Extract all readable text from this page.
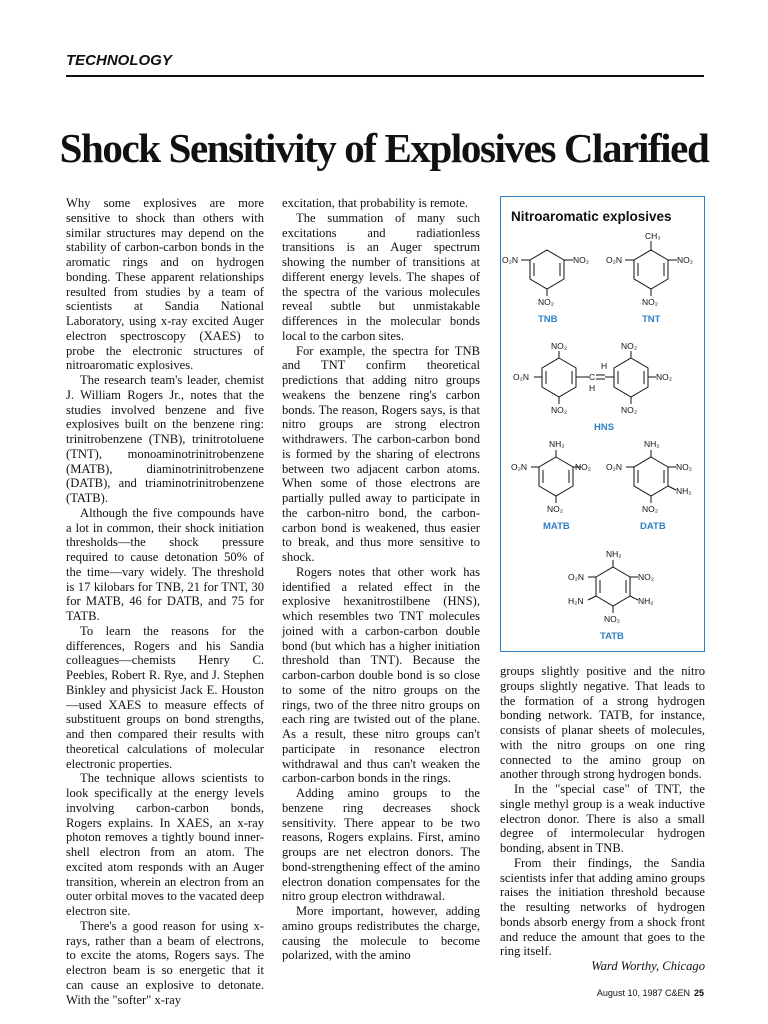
TECHNOLOGY
Shock Sensitivity of Explosives Clarified

Why some explosives are more sensitive to shock than others with similar structures may depend on the stability of carbon-carbon bonds in the aromatic rings and on hydrogen bonding. These apparent relationships resulted from studies by a team of scientists at Sandia National Laboratory, using x-ray excited Auger electron spectroscopy (XAES) to probe the electronic structures of nitroaromatic explosives.

The research team's leader, chemist J. William Rogers Jr., notes that the studies involved benzene and five explosives built on the benzene ring: trinitrobenzene (TNB), trinitrotoluene (TNT), monoaminotrinitrobenzene (MATB), diaminotrinitrobenzene (DATB), and triaminotrinitrobenzene (TATB).

Although the five compounds have a lot in common, their shock initiation thresholds—the shock pressure required to cause detonation 50% of the time—vary widely. The threshold is 17 kilobars for TNB, 21 for TNT, 30 for MATB, 46 for DATB, and 75 for TATB.

To learn the reasons for the differences, Rogers and his Sandia colleagues—chemists Henry C. Peebles, Robert R. Rye, and J. Stephen Binkley and physicist Jack E. Houston—used XAES to measure effects of substituent groups on bond strengths, and then compared their results with theoretical calculations of molecular electronic properties.

The technique allows scientists to look specifically at the energy levels involving carbon-carbon bonds, Rogers explains. In XAES, an x-ray photon removes a tightly bound inner-shell electron from an atom. The excited atom responds with an Auger transition, wherein an electron from an outer orbital moves to the vacated deep electron site.

There's a good reason for using x-rays, rather than a beam of electrons, to excite the atoms, Rogers says. The electron beam is so energetic that it can cause an explosive to detonate. With the "softer" x-ray

excitation, that probability is remote.

The summation of many such excitations and radiationless transitions is an Auger spectrum showing the number of transitions at different energy levels. The shapes of the spectra of the various molecules reveal subtle but unmistakable differences in the molecular bonds local to the carbon sites.

For example, the spectra for TNB and TNT confirm theoretical predictions that adding nitro groups weakens the benzene ring's carbon bonds. The reason, Rogers says, is that nitro groups are strong electron withdrawers. The carbon-carbon bond is formed by the sharing of electrons between two adjacent carbon atoms. When some of those electrons are partially pulled away to participate in the carbon-nitro bond, the carbon-carbon bond is weakened, thus easier to break, and thus more sensitive to shock.

Rogers notes that other work has identified a related effect in the explosive hexanitrostilbene (HNS), which resembles two TNT molecules joined with a carbon-carbon double bond (but which has a higher initiation threshold than TNT). Because the carbon-carbon double bond is so close to some of the nitro groups on the rings, two of the three nitro groups on each ring are twisted out of the plane. As a result, these nitro groups can't participate in resonance electron withdrawal and thus can't weaken the carbon-carbon bonds in the rings.

Adding amino groups to the benzene ring decreases shock sensitivity. There appear to be two reasons, Rogers explains. First, amino groups are net electron donors. The bond-strengthening effect of the amino electron donation compensates for the nitro group electron withdrawal.

More important, however, adding amino groups redistributes the charge, causing the molecule to become polarized, with the amino

Nitroaromatic explosives
O₂N	NO₂
NO₂
TNB
CH₃
O₂N	NO₂
NO₂
TNT
C
H
H
O₂N
NO₂
NO₂
NO₂
NO₂
NO₂
HNS
NH₂
O₂N	NO₂
NO₂
MATB
NH₂
O₂N	NO₂
NH₂
NO₂
DATB
NH₂
O₂N	NO₂
H₂N	NH₂
NO₂
TATB

groups slightly positive and the nitro groups slightly negative. That leads to the formation of a strong hydrogen bonding network. TATB, for instance, consists of planar sheets of molecules, with the nitro groups on one ring connected to the amino group on another through strong hydrogen bonds.

In the "special case" of TNT, the single methyl group is a weak inductive electron donor. There is also a small degree of intermolecular hydrogen bonding, absent in TNB.

From their findings, the Sandia scientists infer that adding amino groups raises the initiation threshold because the resulting networks of hydrogen bonds absorb energy from a shock front and reduce the amount that goes to the ring itself.

Ward Worthy, Chicago

August 10, 1987 C&EN 25
